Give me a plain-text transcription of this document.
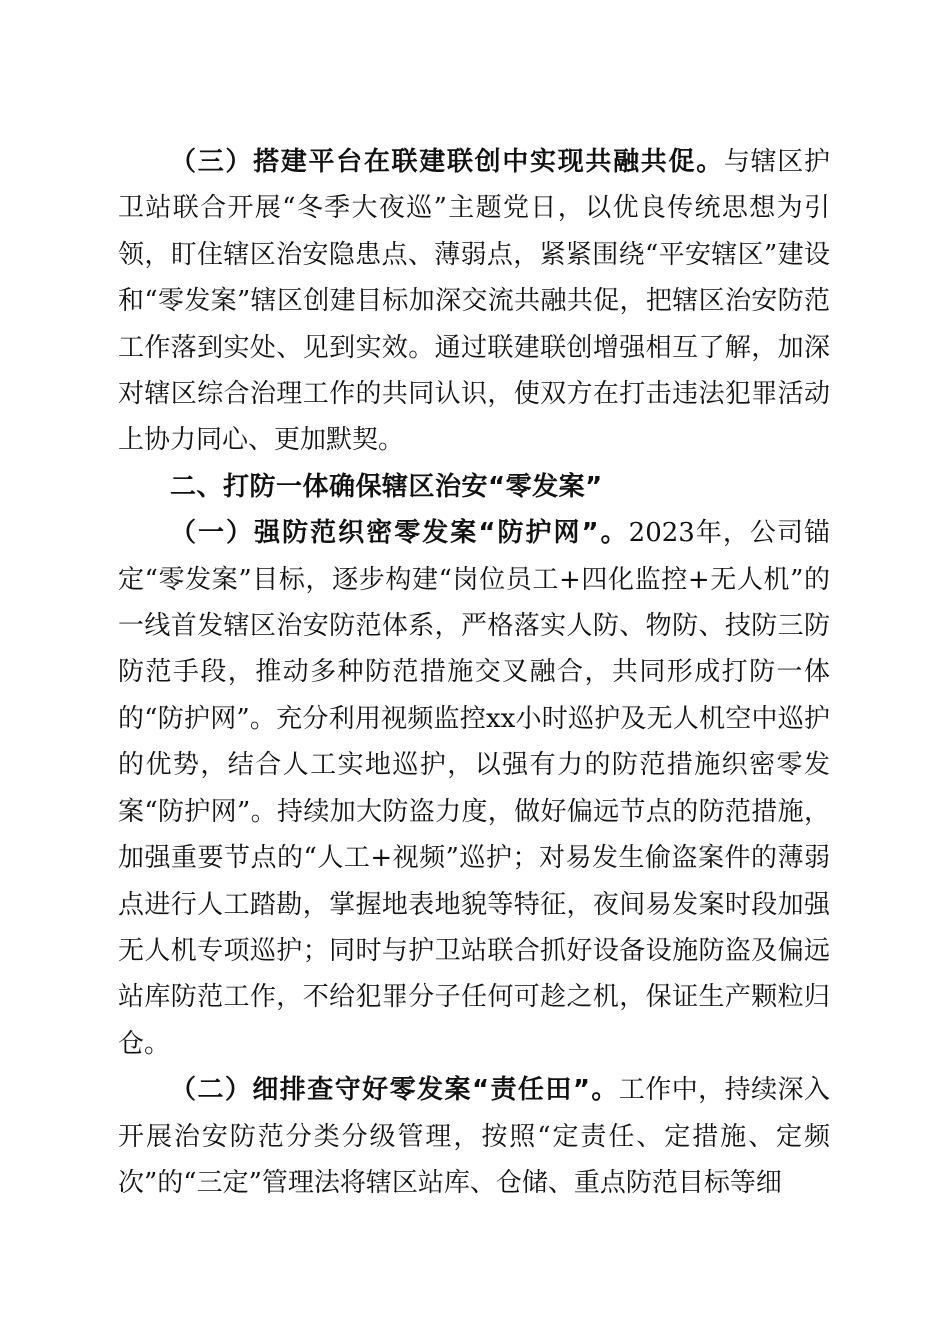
（三）搭建平台在联建联创中实现共融共促。与辖区护卫站联合开展“冬季大夜巡”主题党日，以优良传统思想为引领，盯住辖区治安隐患点、薄弱点，紧紧围绕“平安辖区”建设和“零发案”辖区创建目标加深交流共融共促，把辖区治安防范工作落到实处、见到实效。通过联建联创增强相互了解，加深对辖区综合治理工作的共同认识，使双方在打击违法犯罪活动上协力同心、更加默契。

二、打防一体确保辖区治安“零发案”

（一）强防范织密零发案“防护网”。2023年，公司锚定“零发案”目标，逐步构建“岗位员工+四化监控+无人机”的一线首发辖区治安防范体系，严格落实人防、物防、技防三防防范手段，推动多种防范措施交叉融合，共同形成打防一体的“防护网”。充分利用视频监控xx小时巡护及无人机空中巡护的优势，结合人工实地巡护，以强有力的防范措施织密零发案“防护网”。持续加大防盗力度，做好偏远节点的防范措施，加强重要节点的“人工+视频”巡护；对易发生偷盗案件的薄弱点进行人工踏勘，掌握地表地貌等特征，夜间易发案时段加强无人机专项巡护；同时与护卫站联合抓好设备设施防盗及偏远站库防范工作，不给犯罪分子任何可趁之机，保证生产颗粒归仓。

（二）细排查守好零发案“责任田”。工作中，持续深入开展治安防范分类分级管理，按照“定责任、定措施、定频次”的“三定”管理法将辖区站库、仓储、重点防范目标等细
